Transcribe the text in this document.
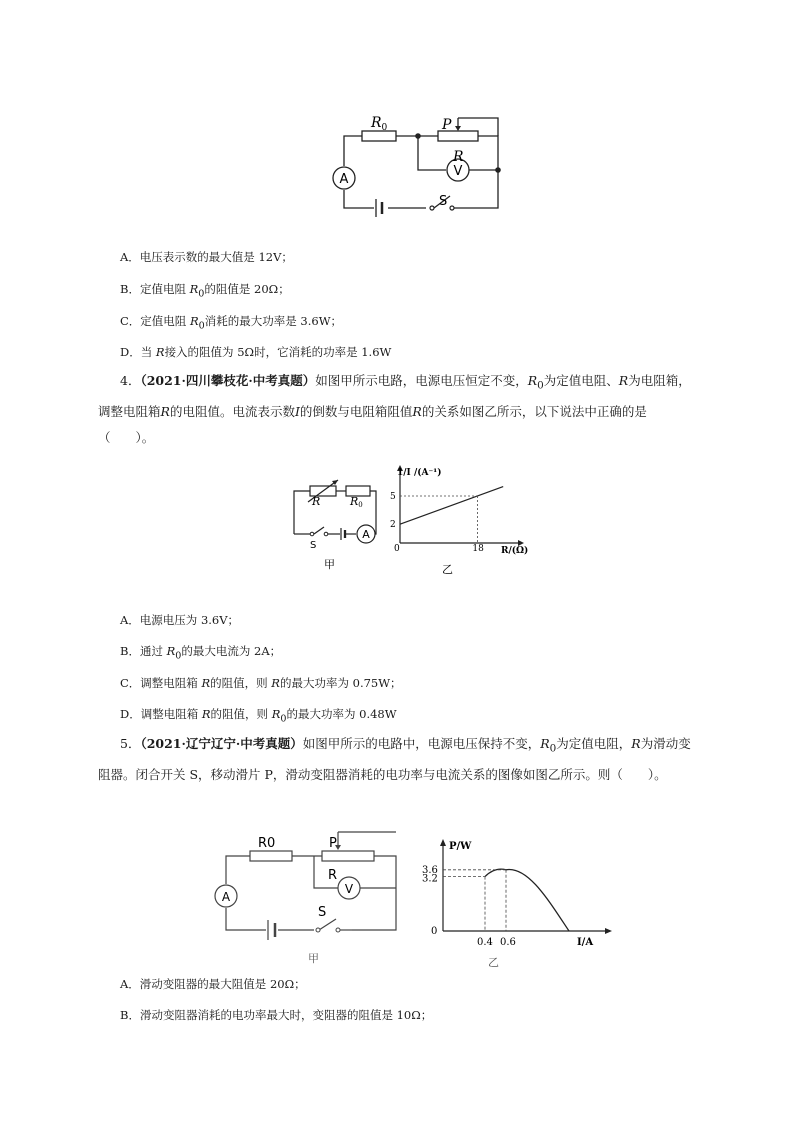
A
V
$R_0$	P
R
S
A．电压表示数的最大值是 12V；
B．定值电阻 $R_0$的阻值是 20Ω；
C．定值电阻 $R_0$消耗的最大功率是 3.6W；
D．当 R接入的阻值为 5Ω时，它消耗的功率是 1.6W
4．（2021·四川攀枝花·中考真题）如图甲所示电路，电源电压恒定不变，$R_0$为定值电阻、R为电阻箱，调整电阻箱R的电阻值。电流表示数I的倒数与电阻箱阻值R的关系如图乙所示，以下说法中正确的是（　　）。
A
R	R0
S
甲
1/I /(A⁻¹)
R/(Ω)
0
5
2
18
乙
A．电源电压为 3.6V；
B．通过 $R_0$的最大电流为 2A；
C．调整电阻箱 R的阻值，则 R的最大功率为 0.75W；
D．调整电阻箱 R的阻值，则 $R_0$的最大功率为 0.48W
5．（2021·辽宁辽宁·中考真题）如图甲所示的电路中，电源电压保持不变，$R_0$为定值电阻，R为滑动变阻器。闭合开关 S，移动滑片 P，滑动变阻器消耗的电功率与电流关系的图像如图乙所示。则（　　）。
A
V
R0	P
R
S
甲
P/W
I/A
3.6
3.2
0
0.4 0.6
乙
A．滑动变阻器的最大阻值是 20Ω；
B．滑动变阻器消耗的电功率最大时，变阻器的阻值是 10Ω；
